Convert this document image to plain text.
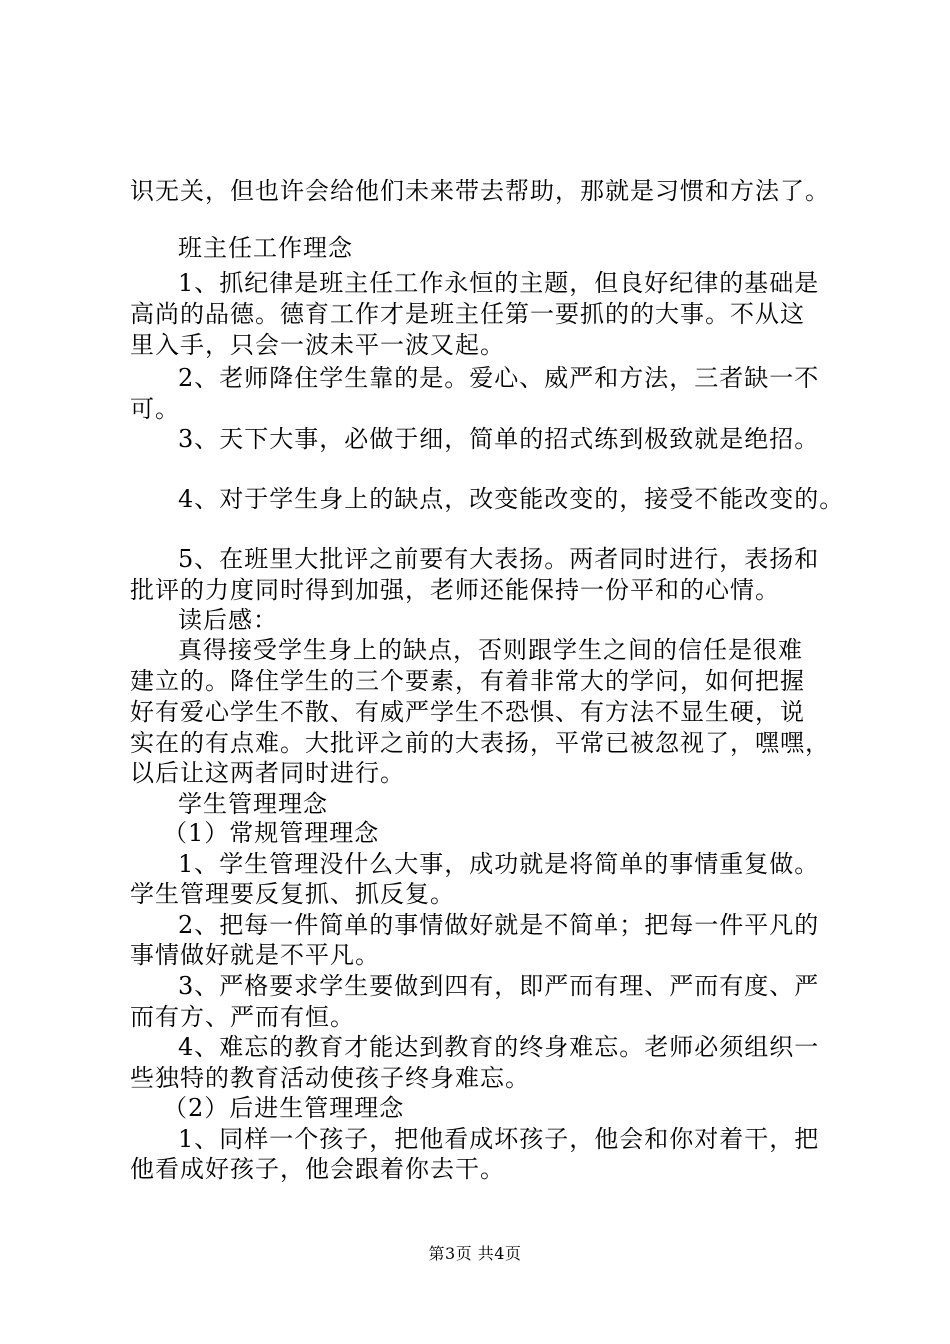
识无关，但也许会给他们未来带去帮助，那就是习惯和方法了。
班主任工作理念
1、抓纪律是班主任工作永恒的主题，但良好纪律的基础是
高尚的品德。德育工作才是班主任第一要抓的的大事。不从这
里入手，只会一波未平一波又起。
2、老师降住学生靠的是。爱心、威严和方法，三者缺一不
可。
3、天下大事，必做于细，简单的招式练到极致就是绝招。
4、对于学生身上的缺点，改变能改变的，接受不能改变的。
5、在班里大批评之前要有大表扬。两者同时进行，表扬和
批评的力度同时得到加强，老师还能保持一份平和的心情。
读后感：
真得接受学生身上的缺点，否则跟学生之间的信任是很难
建立的。降住学生的三个要素，有着非常大的学问，如何把握
好有爱心学生不散、有威严学生不恐惧、有方法不显生硬，说
实在的有点难。大批评之前的大表扬，平常已被忽视了，嘿嘿，
以后让这两者同时进行。
学生管理理念
（1）常规管理理念
1、学生管理没什么大事，成功就是将简单的事情重复做。
学生管理要反复抓、抓反复。
2、把每一件简单的事情做好就是不简单；把每一件平凡的
事情做好就是不平凡。
3、严格要求学生要做到四有，即严而有理、严而有度、严
而有方、严而有恒。
4、难忘的教育才能达到教育的终身难忘。老师必须组织一
些独特的教育活动使孩子终身难忘。
（2）后进生管理理念
1、同样一个孩子，把他看成坏孩子，他会和你对着干，把
他看成好孩子，他会跟着你去干。
第3页 共4页
